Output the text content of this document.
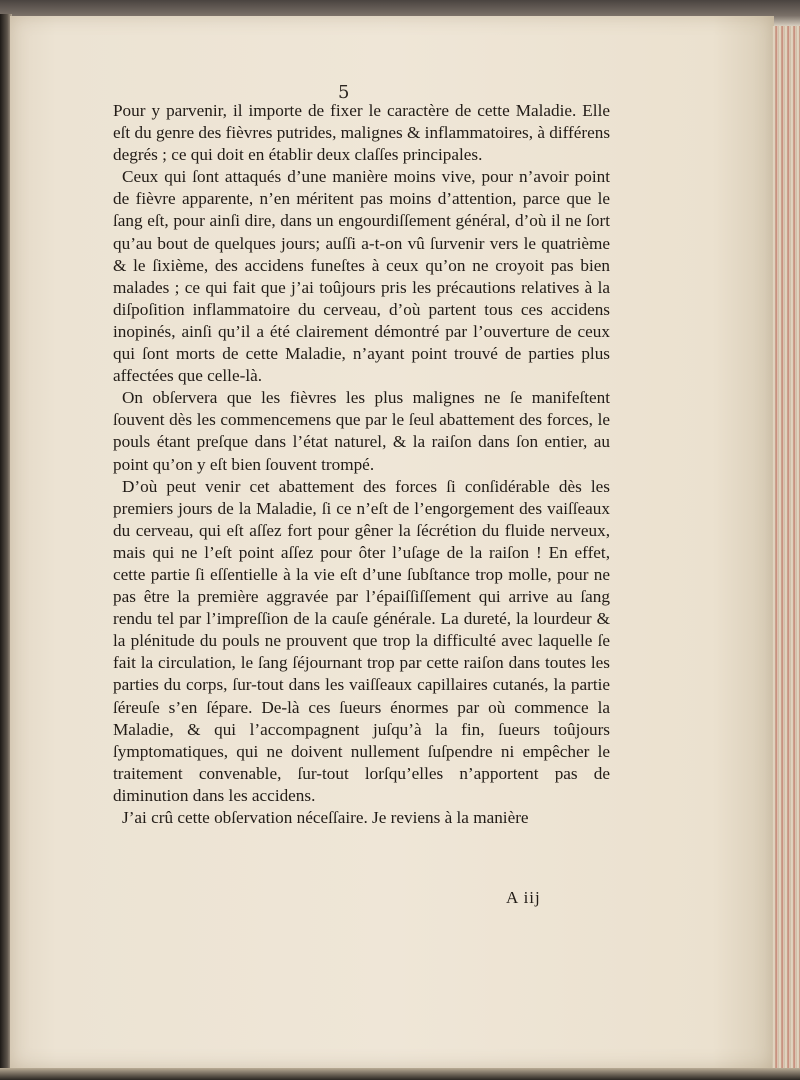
5

Pour y parvenir, il importe de fixer le caractère de cette Maladie. Elle eſt du genre des fièvres putrides, malignes & inflammatoires, à différens degrés ; ce qui doit en établir deux claſſes principales.

Ceux qui ſont attaqués d’une manière moins vive, pour n’avoir point de fièvre apparente, n’en méritent pas moins d’attention, parce que le ſang eſt, pour ainſi dire, dans un engourdiſſement général, d’où il ne ſort qu’au bout de quelques jours; auſſi a-t-on vû ſurvenir vers le quatrième & le ſixième, des accidens funeſtes à ceux qu’on ne croyoit pas bien malades ; ce qui fait que j’ai toûjours pris les précautions relatives à la diſpoſition inflammatoire du cerveau, d’où partent tous ces accidens inopinés, ainſi qu’il a été clairement démontré par l’ouverture de ceux qui ſont morts de cette Maladie, n’ayant point trouvé de parties plus affectées que celle-là.

On obſervera que les fièvres les plus malignes ne ſe manifeſtent ſouvent dès les commencemens que par le ſeul abattement des forces, le pouls étant preſque dans l’état naturel, & la raiſon dans ſon entier, au point qu’on y eſt bien ſouvent trompé.

D’où peut venir cet abattement des forces ſi conſidérable dès les premiers jours de la Maladie, ſi ce n’eſt de l’engorgement des vaiſſeaux du cerveau, qui eſt aſſez fort pour gêner la ſécrétion du fluide nerveux, mais qui ne l’eſt point aſſez pour ôter l’uſage de la raiſon ! En effet, cette partie ſi eſſentielle à la vie eſt d’une ſubſtance trop molle, pour ne pas être la première aggravée par l’épaiſſiſſement qui arrive au ſang rendu tel par l’impreſſion de la cauſe générale. La dureté, la lourdeur & la plénitude du pouls ne prouvent que trop la difficulté avec laquelle ſe fait la circulation, le ſang ſéjournant trop par cette raiſon dans toutes les parties du corps, ſur-tout dans les vaiſſeaux capillaires cutanés, la partie ſéreuſe s’en ſépare. De-là ces ſueurs énormes par où commence la Maladie, & qui l’accompagnent juſqu’à la fin, ſueurs toûjours ſymptomatiques, qui ne doivent nullement ſuſpendre ni empêcher le traitement convenable, ſur-tout lorſqu’elles n’apportent pas de diminution dans les accidens.

J’ai crû cette obſervation néceſſaire. Je reviens à la manière

A iij
